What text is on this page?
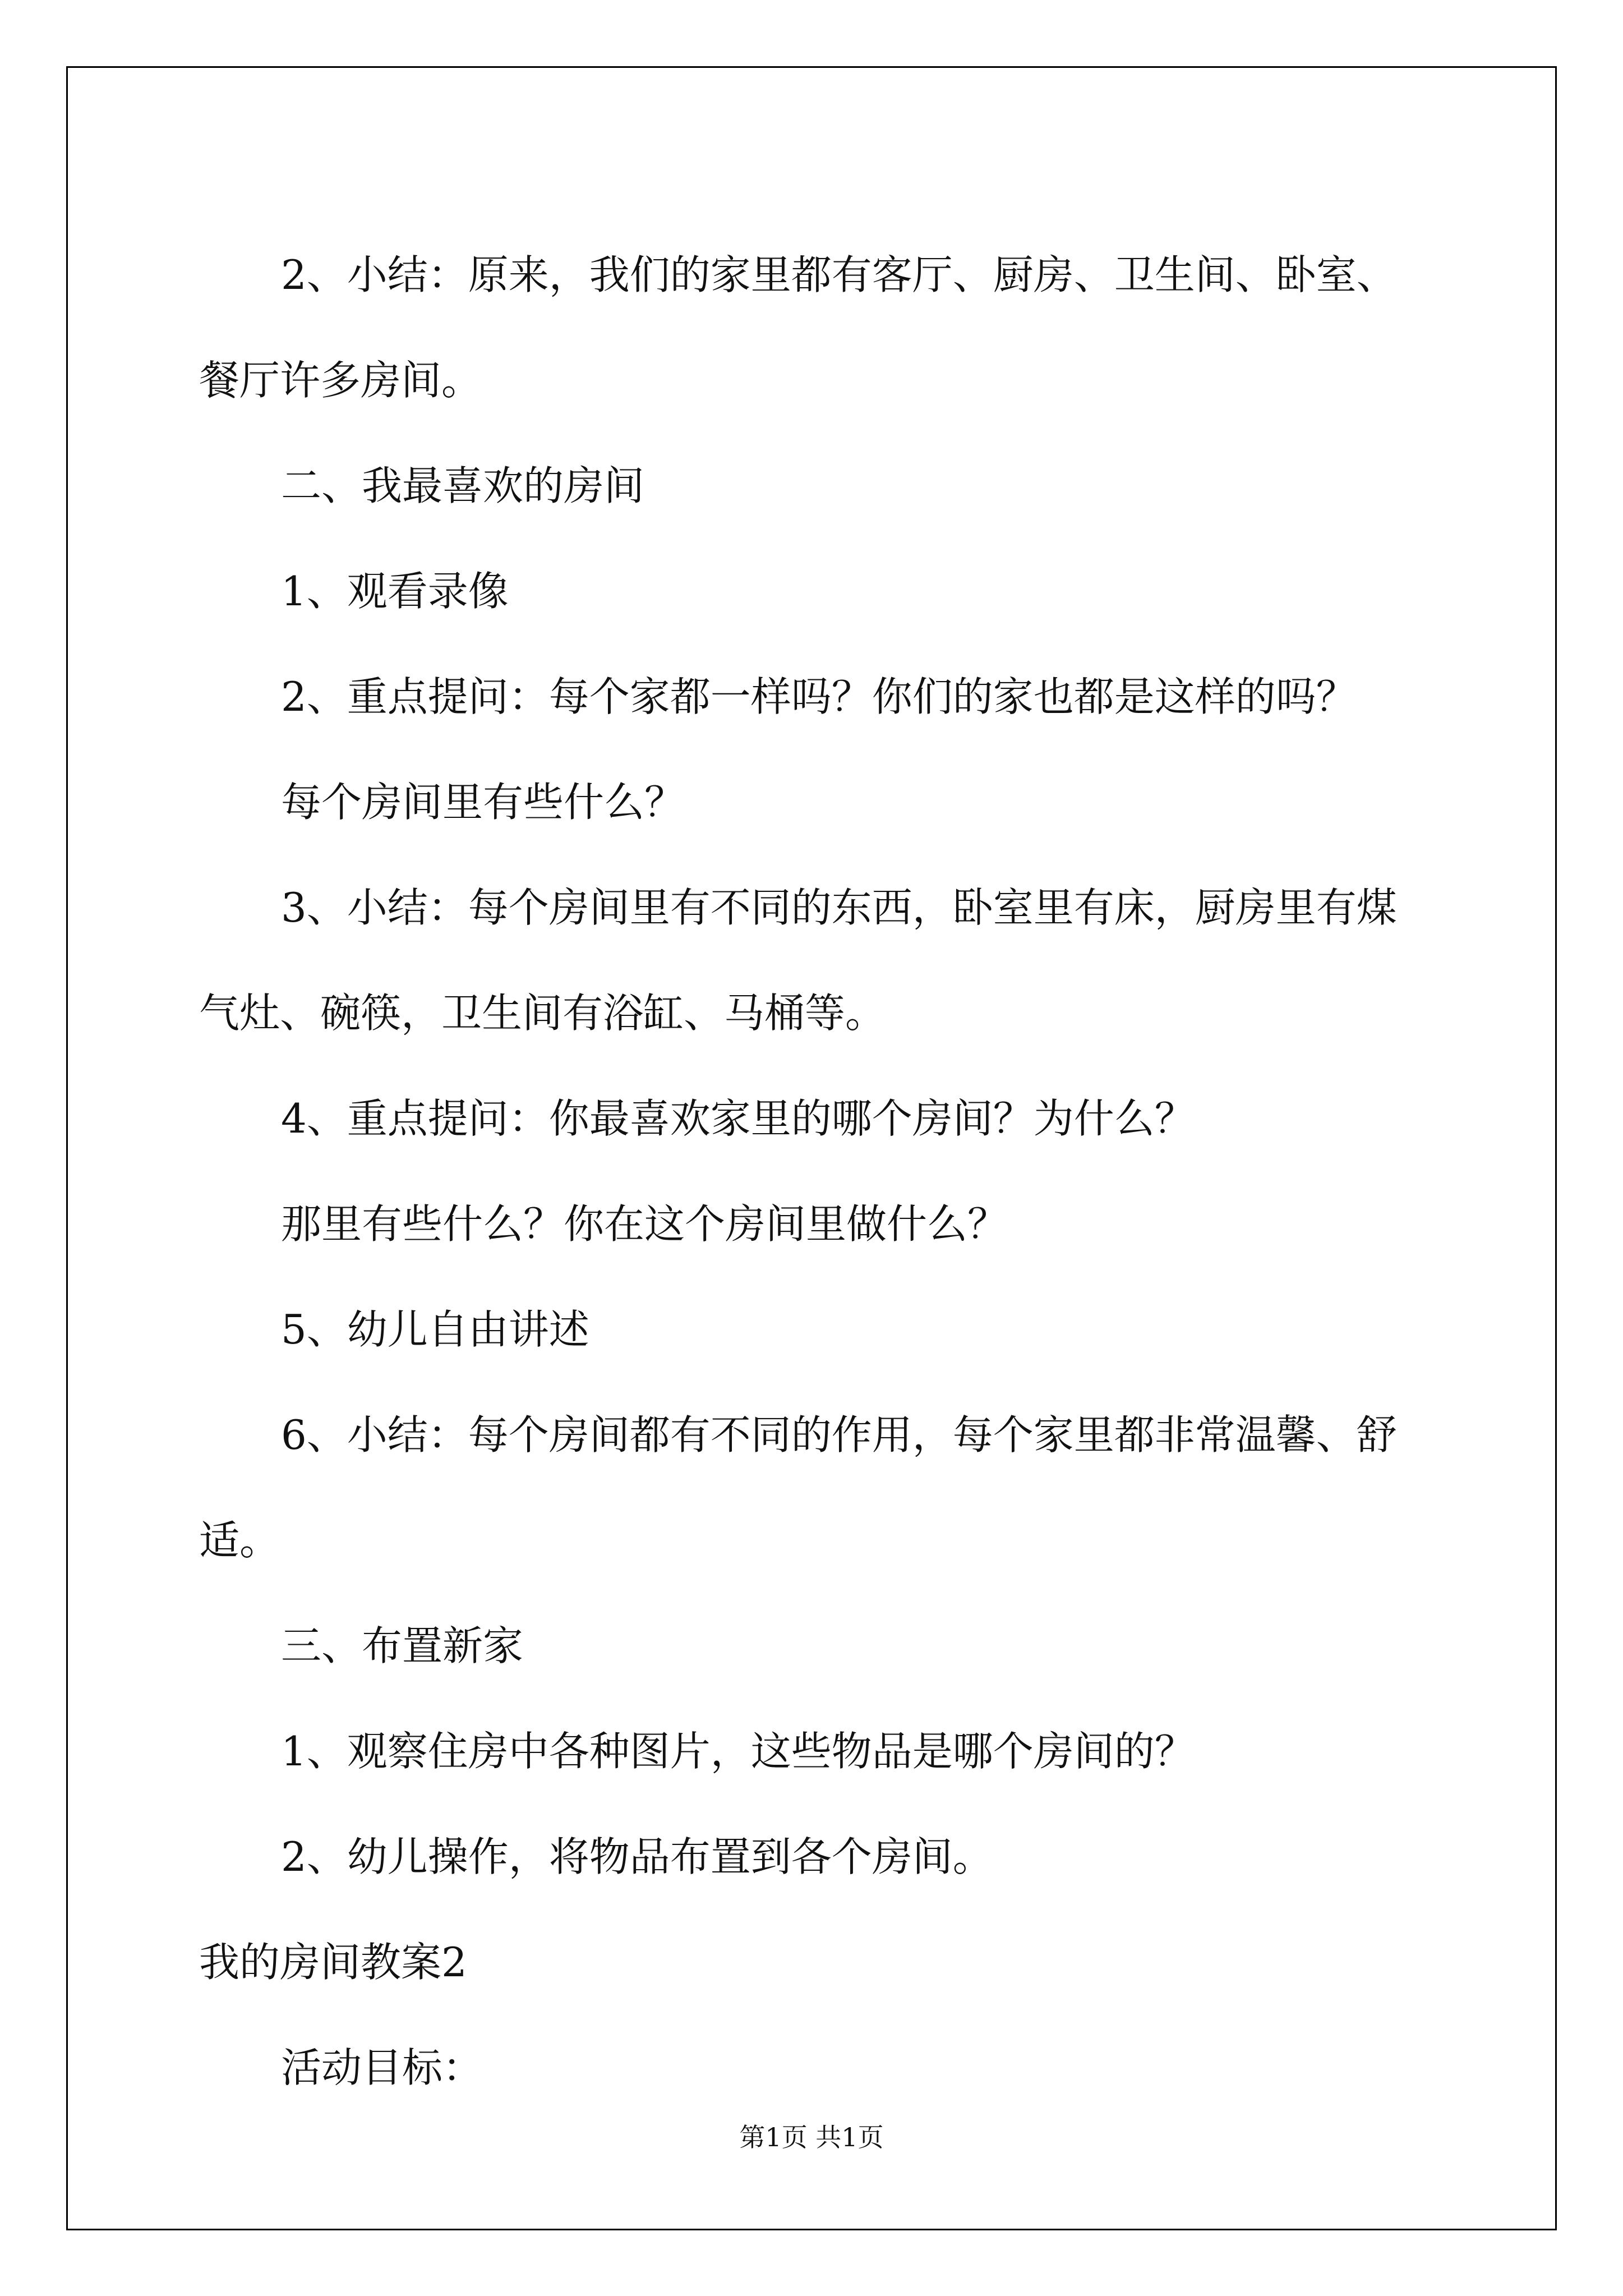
2、小结：原来，我们的家里都有客厅、厨房、卫生间、卧室、餐厅许多房间。

二、我最喜欢的房间

1、观看录像

2、重点提问：每个家都一样吗？你们的家也都是这样的吗？

每个房间里有些什么？

3、小结：每个房间里有不同的东西，卧室里有床，厨房里有煤气灶、碗筷，卫生间有浴缸、马桶等。

4、重点提问：你最喜欢家里的哪个房间？为什么？

那里有些什么？你在这个房间里做什么？

5、幼儿自由讲述

6、小结：每个房间都有不同的作用，每个家里都非常温馨、舒适。

三、布置新家

1、观察住房中各种图片，这些物品是哪个房间的？

2、幼儿操作，将物品布置到各个房间。

我的房间教案2

活动目标：

第1页 共1页
